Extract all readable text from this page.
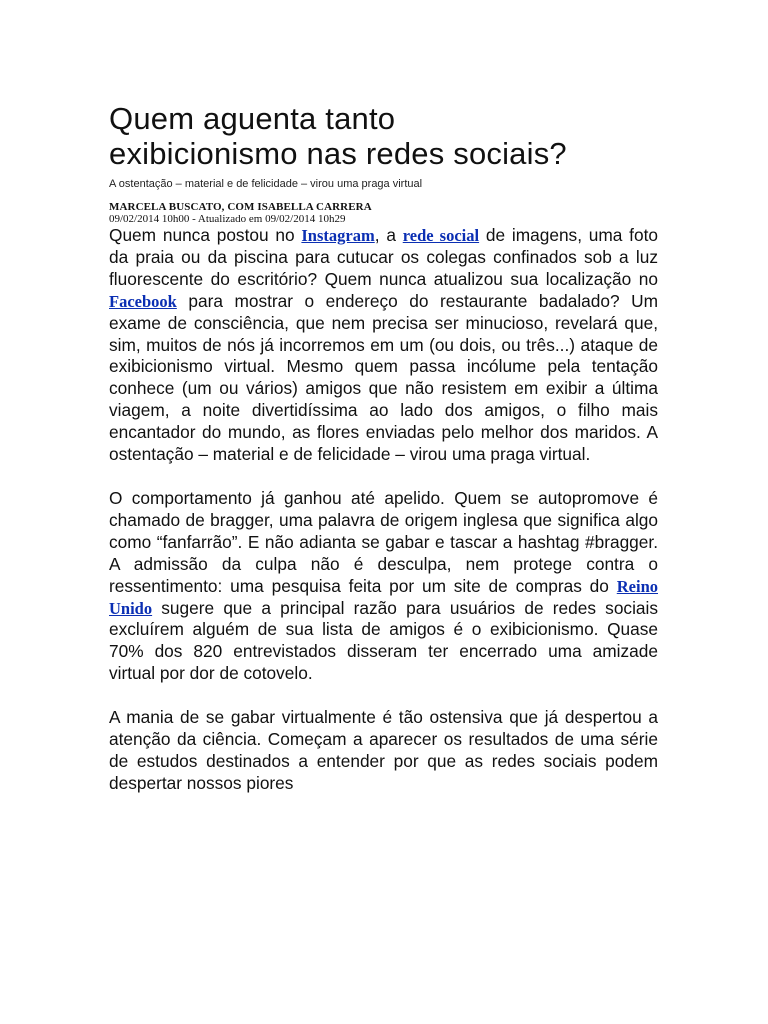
Quem aguenta tanto
exibicionismo nas redes sociais?
A ostentação – material e de felicidade – virou uma praga virtual
MARCELA BUSCATO, COM ISABELLA CARRERA
09/02/2014 10h00 - Atualizado em 09/02/2014 10h29

Quem nunca postou no Instagram, a rede social de imagens, uma foto da praia ou da piscina para cutucar os colegas confinados sob a luz fluorescente do escritório? Quem nunca atualizou sua localização no Facebook para mostrar o endereço do restaurante badalado? Um exame de consciência, que nem precisa ser minucioso, revelará que, sim, muitos de nós já incorremos em um (ou dois, ou três...) ataque de exibicionismo virtual. Mesmo quem passa incólume pela tentação conhece (um ou vários) amigos que não resistem em exibir a última viagem, a noite divertidíssima ao lado dos amigos, o filho mais encantador do mundo, as flores enviadas pelo melhor dos maridos. A ostentação – material e de felicidade – virou uma praga virtual.

O comportamento já ganhou até apelido. Quem se autopromove é chamado de bragger, uma palavra de origem inglesa que significa algo como “fanfarrão”. E não adianta se gabar e tascar a hashtag #bragger. A admissão da culpa não é desculpa, nem protege contra o ressentimento: uma pesquisa feita por um site de compras do Reino Unido sugere que a principal razão para usuários de redes sociais excluírem alguém de sua lista de amigos é o exibicionismo. Quase 70% dos 820 entrevistados disseram ter encerrado uma amizade virtual por dor de cotovelo.

A mania de se gabar virtualmente é tão ostensiva que já despertou a atenção da ciência. Começam a aparecer os resultados de uma série de estudos destinados a entender por que as redes sociais podem despertar nossos piores
